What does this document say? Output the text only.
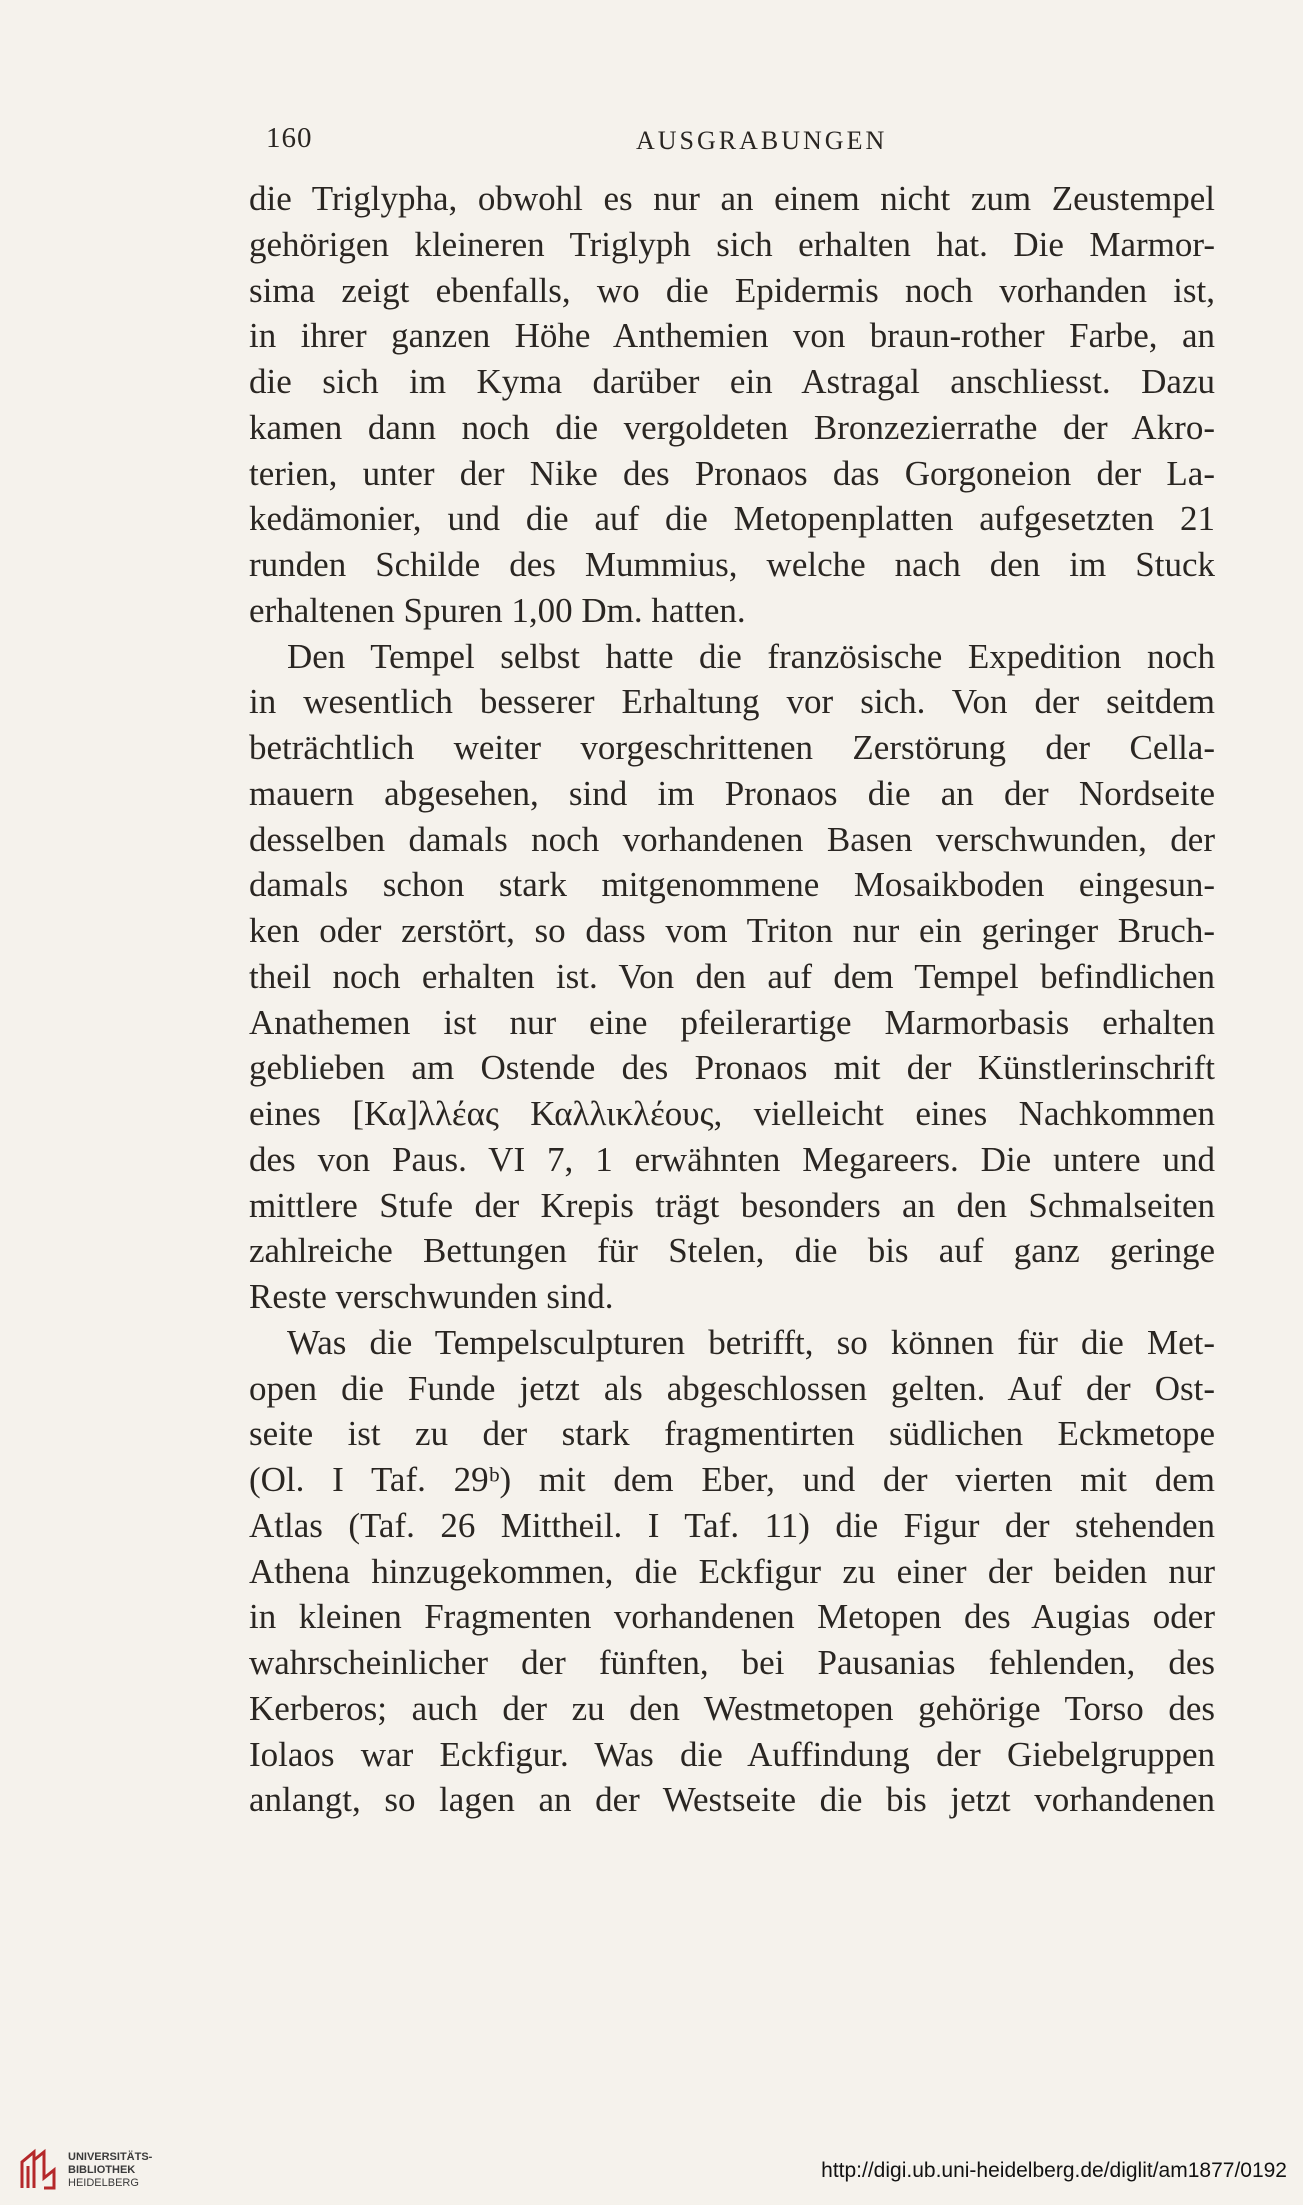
160	AUSGRABUNGEN
die Triglypha, obwohl es nur an einem nicht zum Zeustempel
gehörigen kleineren Triglyph sich erhalten hat. Die Marmor-
sima zeigt ebenfalls, wo die Epidermis noch vorhanden ist,
in ihrer ganzen Höhe Anthemien von braun-rother Farbe, an
die sich im Kyma darüber ein Astragal anschliesst. Dazu
kamen dann noch die vergoldeten Bronzezierrathe der Akro-
terien, unter der Nike des Pronaos das Gorgoneion der La-
kedämonier, und die auf die Metopenplatten aufgesetzten 21
runden Schilde des Mummius, welche nach den im Stuck
erhaltenen Spuren 1,00 Dm. hatten.
Den Tempel selbst hatte die französische Expedition noch
in wesentlich besserer Erhaltung vor sich. Von der seitdem
beträchtlich weiter vorgeschrittenen Zerstörung der Cella-
mauern abgesehen, sind im Pronaos die an der Nordseite
desselben damals noch vorhandenen Basen verschwunden, der
damals schon stark mitgenommene Mosaikboden eingesun-
ken oder zerstört, so dass vom Triton nur ein geringer Bruch-
theil noch erhalten ist. Von den auf dem Tempel befindlichen
Anathemen ist nur eine pfeilerartige Marmorbasis erhalten
geblieben am Ostende des Pronaos mit der Künstlerinschrift
eines [Κα]λλέας Καλλικλέους, vielleicht eines Nachkommen
des von Paus. VI 7, 1 erwähnten Megareers. Die untere und
mittlere Stufe der Krepis trägt besonders an den Schmalseiten
zahlreiche Bettungen für Stelen, die bis auf ganz geringe
Reste verschwunden sind.
Was die Tempelsculpturen betrifft, so können für die Met-
open die Funde jetzt als abgeschlossen gelten. Auf der Ost-
seite ist zu der stark fragmentirten südlichen Eckmetope
(Ol. I Taf. 29ᵇ) mit dem Eber, und der vierten mit dem
Atlas (Taf. 26 Mittheil. I Taf. 11) die Figur der stehenden
Athena hinzugekommen, die Eckfigur zu einer der beiden nur
in kleinen Fragmenten vorhandenen Metopen des Augias oder
wahrscheinlicher der fünften, bei Pausanias fehlenden, des
Kerberos; auch der zu den Westmetopen gehörige Torso des
Iolaos war Eckfigur. Was die Auffindung der Giebelgruppen
anlangt, so lagen an der Westseite die bis jetzt vorhandenen
UNIVERSITÄTS-
BIBLIOTHEK
HEIDELBERG
http://digi.ub.uni-heidelberg.de/diglit/am1877/0192
